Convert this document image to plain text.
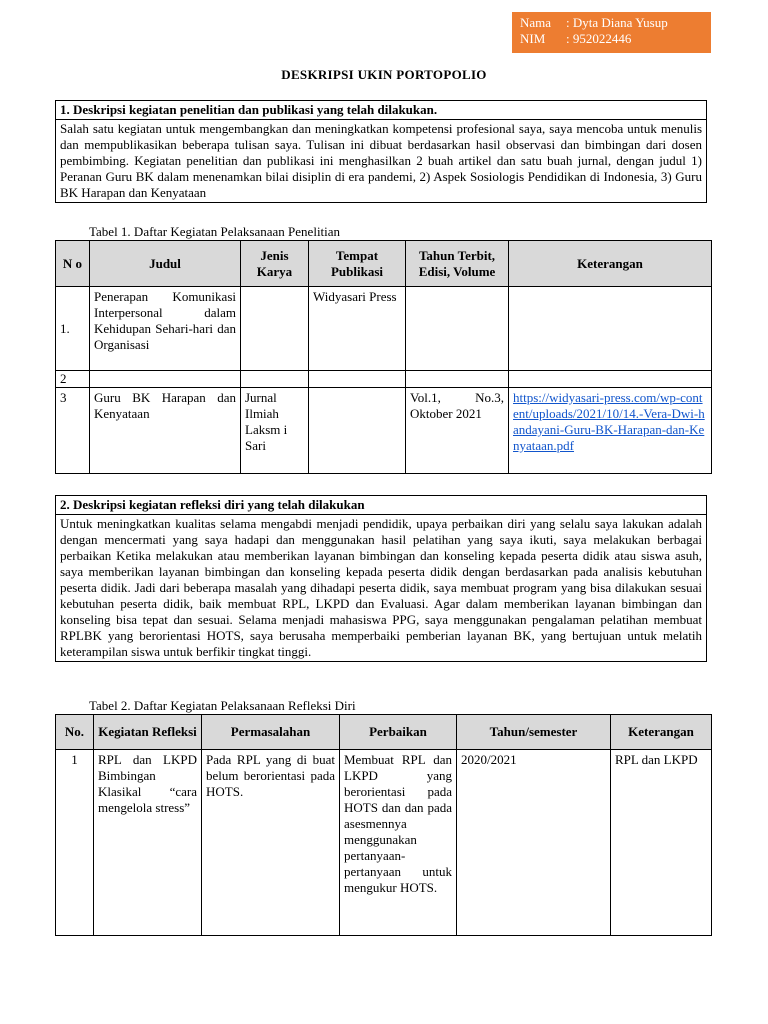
Nama	: Dyta Diana Yusup
NIM	: 952022446
DESKRIPSI UKIN PORTOPOLIO
1. Deskripsi kegiatan penelitian dan publikasi yang telah dilakukan.
Salah satu kegiatan untuk mengembangkan dan meningkatkan kompetensi profesional saya, saya mencoba untuk menulis dan mempublikasikan beberapa tulisan saya. Tulisan ini dibuat berdasarkan hasil observasi dan bimbingan dari dosen pembimbing. Kegiatan penelitian dan publikasi ini menghasilkan 2 buah artikel dan satu buah jurnal, dengan judul 1) Peranan Guru BK dalam menenamkan bilai disiplin di era pandemi, 2) Aspek Sosiologis Pendidikan di Indonesia, 3) Guru BK Harapan dan Kenyataan
Tabel 1. Daftar Kegiatan Pelaksanaan Penelitian
N o	Judul	Jenis Karya	Tempat Publikasi	Tahun Terbit, Edisi, Volume	Keterangan
1.	Penerapan Komunikasi Interpersonal dalam Kehidupan Sehari-hari dan Organisasi		Widyasari Press		
2					
3	Guru BK Harapan dan Kenyataan	Jurnal Ilmiah Laksm i Sari		Vol.1, No.3, Oktober 2021	https://widyasari-press.com/wp-content/uploads/2021/10/14.-Vera-Dwi-handayani-Guru-BK-Harapan-dan-Kenyataan.pdf
2. Deskripsi kegiatan refleksi diri yang telah dilakukan
Untuk meningkatkan kualitas selama mengabdi menjadi pendidik, upaya perbaikan diri yang selalu saya lakukan adalah dengan mencermati yang saya hadapi dan menggunakan hasil pelatihan yang saya ikuti, saya melakukan berbagai perbaikan Ketika melakukan atau memberikan layanan bimbingan dan konseling kepada peserta didik atau siswa asuh, saya memberikan layanan bimbingan dan konseling kepada peserta didik dengan berdasarkan pada analisis kebutuhan peserta didik. Jadi dari beberapa masalah yang dihadapi peserta didik, saya membuat program yang bisa dilakukan sesuai kebutuhan peserta didik, baik membuat RPL, LKPD dan Evaluasi. Agar dalam memberikan layanan bimbingan dan konseling bisa tepat dan sesuai. Selama menjadi mahasiswa PPG, saya menggunakan pengalaman pelatihan membuat RPLBK yang berorientasi HOTS, saya berusaha memperbaiki pemberian layanan BK, yang bertujuan untuk melatih keterampilan siswa untuk berfikir tingkat tinggi.
Tabel 2. Daftar Kegiatan Pelaksanaan Refleksi Diri
No.	Kegiatan Refleksi	Permasalahan	Perbaikan	Tahun/semester	Keterangan
1	RPL dan LKPD Bimbingan Klasikal “cara mengelola stress”	Pada RPL yang di buat belum berorientasi pada HOTS.	Membuat RPL dan LKPD yang berorientasi pada HOTS dan dan pada asesmennya menggunakan pertanyaan-pertanyaan untuk mengukur HOTS.	2020/2021	RPL dan LKPD
